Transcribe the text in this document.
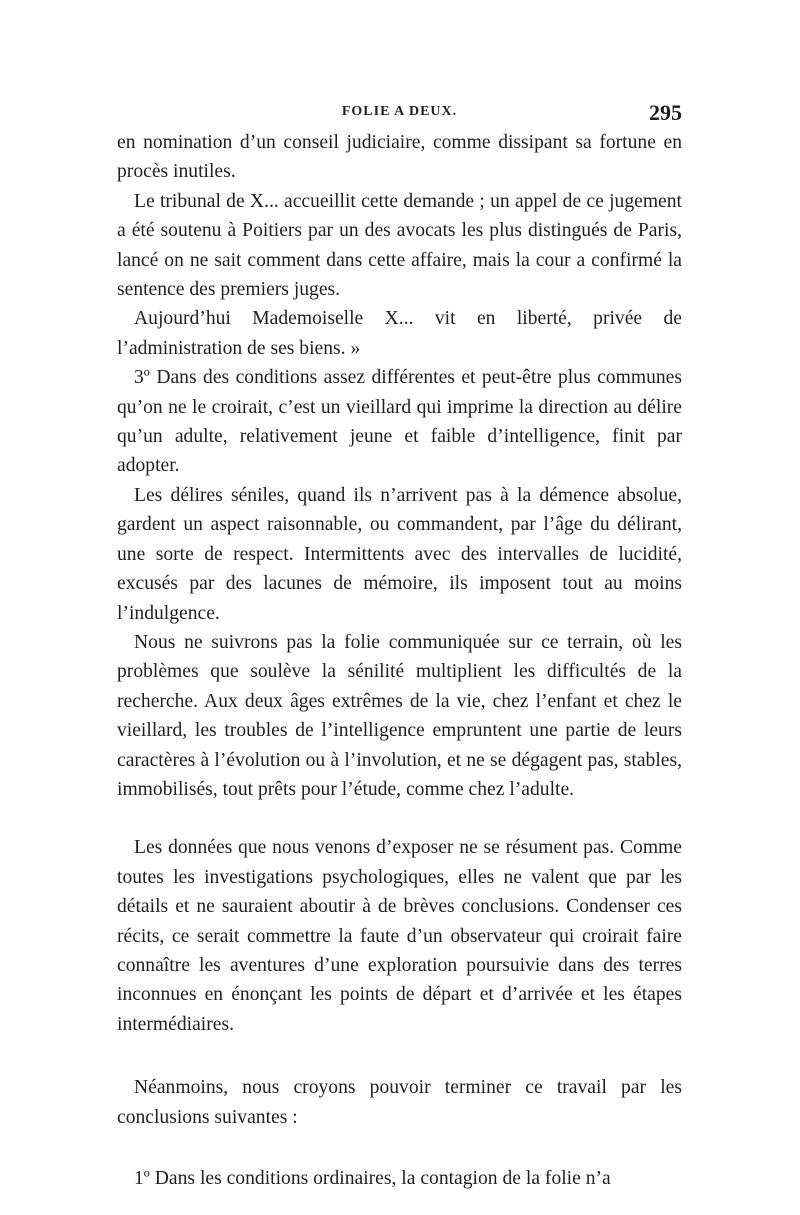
FOLIE A DEUX.	295

en nomination d’un conseil judiciaire, comme dissipant sa fortune en procès inutiles.

Le tribunal de X... accueillit cette demande ; un appel de ce jugement a été soutenu à Poitiers par un des avocats les plus distingués de Paris, lancé on ne sait comment dans cette affaire, mais la cour a confirmé la sentence des premiers juges.

Aujourd’hui Mademoiselle X... vit en liberté, privée de l’administration de ses biens. »

3º Dans des conditions assez différentes et peut-être plus communes qu’on ne le croirait, c’est un vieillard qui imprime la direction au délire qu’un adulte, relativement jeune et faible d’intelligence, finit par adopter.

Les délires séniles, quand ils n’arrivent pas à la démence absolue, gardent un aspect raisonnable, ou commandent, par l’âge du délirant, une sorte de respect. Intermittents avec des intervalles de lucidité, excusés par des lacunes de mémoire, ils imposent tout au moins l’indulgence.

Nous ne suivrons pas la folie communiquée sur ce terrain, où les problèmes que soulève la sénilité multiplient les difficultés de la recherche. Aux deux âges extrêmes de la vie, chez l’enfant et chez le vieillard, les troubles de l’intelligence empruntent une partie de leurs caractères à l’évolution ou à l’involution, et ne se dégagent pas, stables, immobilisés, tout prêts pour l’étude, comme chez l’adulte.

Les données que nous venons d’exposer ne se résument pas. Comme toutes les investigations psychologiques, elles ne valent que par les détails et ne sauraient aboutir à de brèves conclusions. Condenser ces récits, ce serait commettre la faute d’un observateur qui croirait faire connaître les aventures d’une exploration poursuivie dans des terres inconnues en énonçant les points de départ et d’arrivée et les étapes intermédiaires.

Néanmoins, nous croyons pouvoir terminer ce travail par les conclusions suivantes :

1º Dans les conditions ordinaires, la contagion de la folie n’a
